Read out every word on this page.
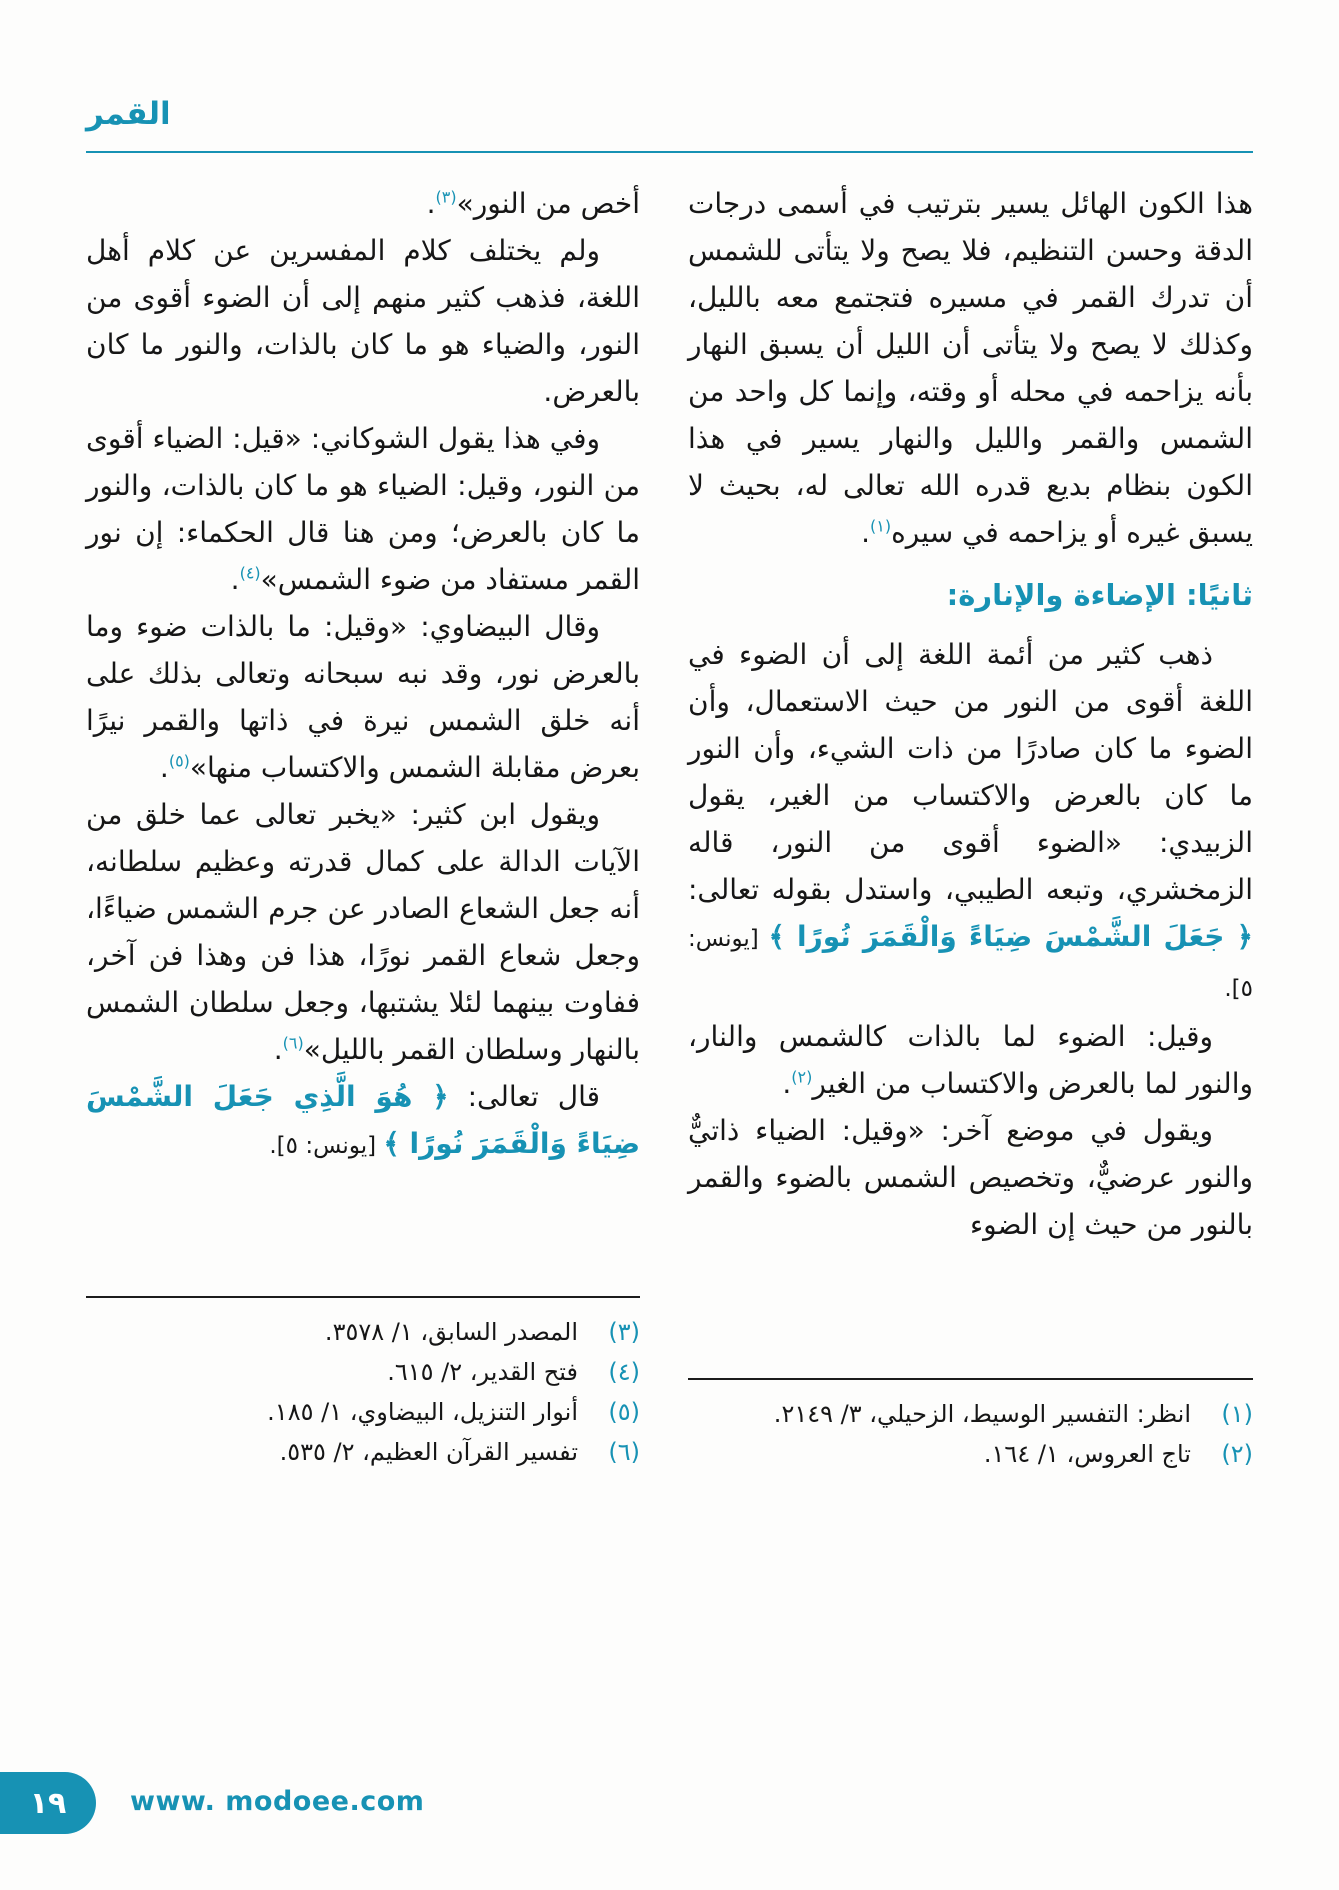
القمر

هذا الكون الهائل يسير بترتيب في أسمى درجات الدقة وحسن التنظيم، فلا يصح ولا يتأتى للشمس أن تدرك القمر في مسيره فتجتمع معه بالليل، وكذلك لا يصح ولا يتأتى أن الليل أن يسبق النهار بأنه يزاحمه في محله أو وقته، وإنما كل واحد من الشمس والقمر والليل والنهار يسير في هذا الكون بنظام بديع قدره الله تعالى له، بحيث لا يسبق غيره أو يزاحمه في سيره$^{(١)}$.

ثانيًا: الإضاءة والإنارة:

ذهب كثير من أئمة اللغة إلى أن الضوء في اللغة أقوى من النور من حيث الاستعمال، وأن الضوء ما كان صادرًا من ذات الشيء، وأن النور ما كان بالعرض والاكتساب من الغير، يقول الزبيدي: «الضوء أقوى من النور، قاله الزمخشري، وتبعه الطيبي، واستدل بقوله تعالى: ﴿ جَعَلَ الشَّمْسَ ضِيَاءً وَالْقَمَرَ نُورًا ﴾ [يونس: ٥].

وقيل: الضوء لما بالذات كالشمس والنار، والنور لما بالعرض والاكتساب من الغير$^{(٢)}$.

ويقول في موضع آخر: «وقيل: الضياء ذاتيٌّ والنور عرضيٌّ، وتخصيص الشمس بالضوء والقمر بالنور من حيث إن الضوء

أخص من النور»$^{(٣)}$.

ولم يختلف كلام المفسرين عن كلام أهل اللغة، فذهب كثير منهم إلى أن الضوء أقوى من النور، والضياء هو ما كان بالذات، والنور ما كان بالعرض.

وفي هذا يقول الشوكاني: «قيل: الضياء أقوى من النور، وقيل: الضياء هو ما كان بالذات، والنور ما كان بالعرض؛ ومن هنا قال الحكماء: إن نور القمر مستفاد من ضوء الشمس»$^{(٤)}$.

وقال البيضاوي: «وقيل: ما بالذات ضوء وما بالعرض نور، وقد نبه سبحانه وتعالى بذلك على أنه خلق الشمس نيرة في ذاتها والقمر نيرًا بعرض مقابلة الشمس والاكتساب منها»$^{(٥)}$.

ويقول ابن كثير: «يخبر تعالى عما خلق من الآيات الدالة على كمال قدرته وعظيم سلطانه، أنه جعل الشعاع الصادر عن جرم الشمس ضياءًا، وجعل شعاع القمر نورًا، هذا فن وهذا فن آخر، ففاوت بينهما لئلا يشتبها، وجعل سلطان الشمس بالنهار وسلطان القمر بالليل»$^{(٦)}$.

قال تعالى: ﴿ هُوَ الَّذِي جَعَلَ الشَّمْسَ ضِيَاءً وَالْقَمَرَ نُورًا ﴾ [يونس: ٥].

(٣)
المصدر السابق، ١/ ٣٥٧٨.
(٤)
فتح القدير، ٢/ ٦١٥.
(٥)
أنوار التنزيل، البيضاوي، ١/ ١٨٥.
(٦)
تفسير القرآن العظيم، ٢/ ٥٣٥.
(١)
انظر: التفسير الوسيط، الزحيلي، ٣/ ٢١٤٩.
(٢)
تاج العروس، ١/ ١٦٤.
١٩ www. modoee.com
